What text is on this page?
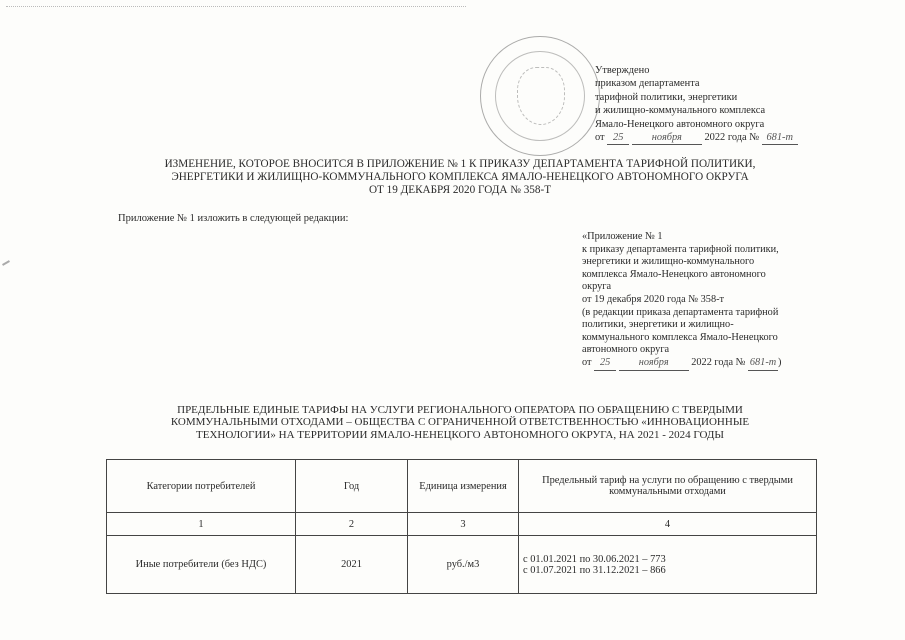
Утверждено
приказом департамента
тарифной политики, энергетики
и жилищно-коммунального комплекса
Ямало-Ненецкого автономного округа
от 25	ноября 2022 года № 681-т
ИЗМЕНЕНИЕ, КОТОРОЕ ВНОСИТСЯ В ПРИЛОЖЕНИЕ № 1 К ПРИКАЗУ ДЕПАРТАМЕНТА ТАРИФНОЙ ПОЛИТИКИ,
ЭНЕРГЕТИКИ И ЖИЛИЩНО-КОММУНАЛЬНОГО КОМПЛЕКСА ЯМАЛО-НЕНЕЦКОГО АВТОНОМНОГО ОКРУГА
ОТ 19 ДЕКАБРЯ 2020 ГОДА № 358-Т
Приложение № 1 изложить в следующей редакции:
«Приложение № 1
к приказу департамента тарифной политики,
энергетики и жилищно-коммунального
комплекса Ямало-Ненецкого автономного
округа
от 19 декабря 2020 года № 358-т
(в редакции приказа департамента тарифной
политики, энергетики и жилищно-
коммунального комплекса Ямало-Ненецкого
автономного округа
от 25	ноября 2022 года № 681-т )
ПРЕДЕЛЬНЫЕ ЕДИНЫЕ ТАРИФЫ НА УСЛУГИ РЕГИОНАЛЬНОГО ОПЕРАТОРА ПО ОБРАЩЕНИЮ С ТВЕРДЫМИ
КОММУНАЛЬНЫМИ ОТХОДАМИ – ОБЩЕСТВА С ОГРАНИЧЕННОЙ ОТВЕТСТВЕННОСТЬЮ «ИННОВАЦИОННЫЕ
ТЕХНОЛОГИИ» НА ТЕРРИТОРИИ ЯМАЛО-НЕНЕЦКОГО АВТОНОМНОГО ОКРУГА, НА 2021 - 2024 ГОДЫ
Категории потребителей	Год	Единица измерения	Предельный тариф на услуги по обращению с твердыми коммунальными отходами
1	2	3	4
Иные потребители (без НДС)	2021	руб./м3	с 01.01.2021 по 30.06.2021 – 773
с 01.07.2021 по 31.12.2021 – 866
